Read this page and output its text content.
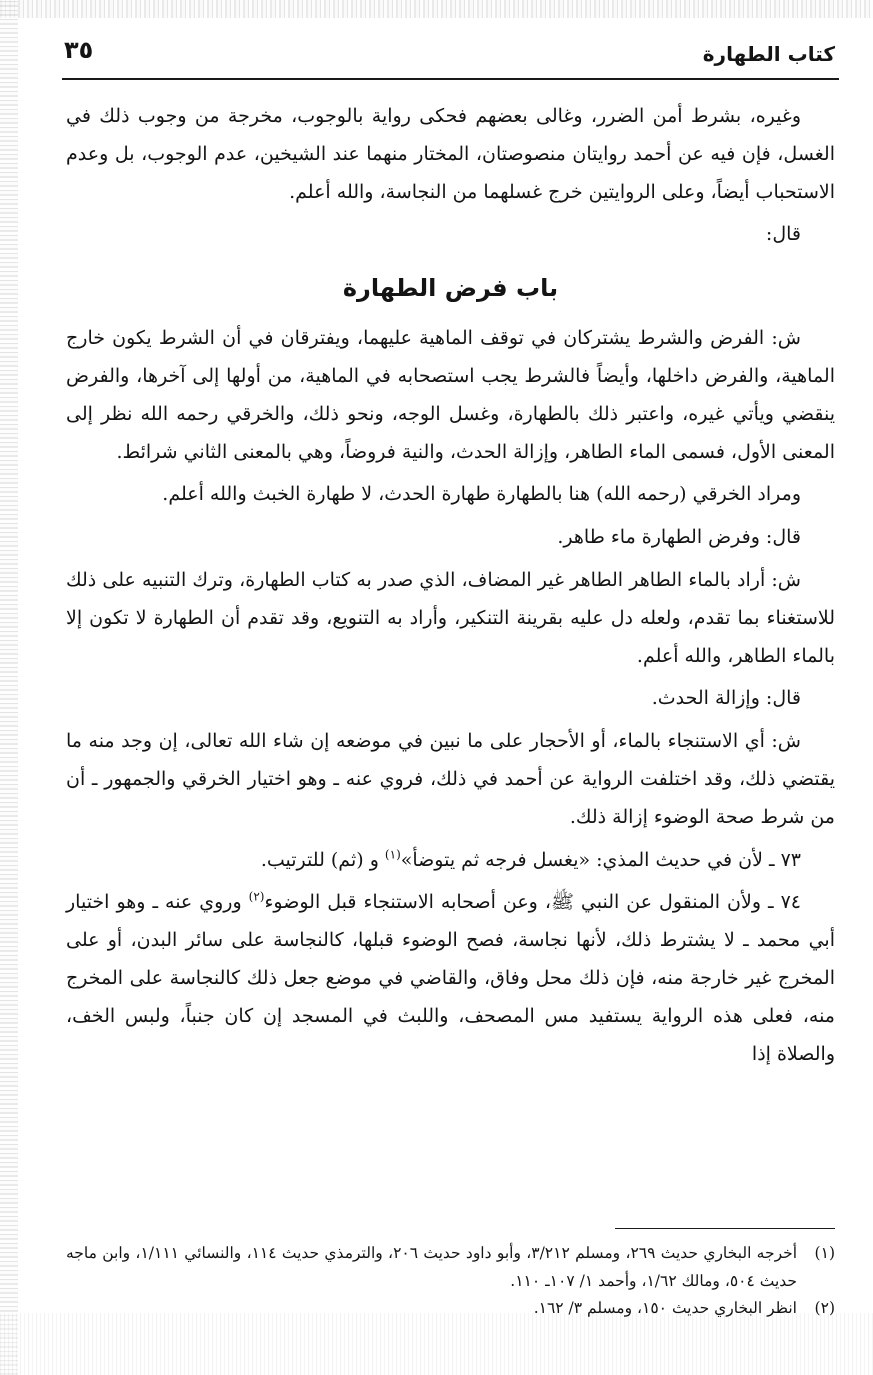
كتاب الطهارة
٣٥

وغيره، بشرط أمن الضرر، وغالى بعضهم فحكى رواية بالوجوب، مخرجة من وجوب ذلك في الغسل، فإن فيه عن أحمد روايتان منصوصتان، المختار منهما عند الشيخين، عدم الوجوب، بل وعدم الاستحباب أيضاً، وعلى الروايتين خرج غسلهما من النجاسة، والله أعلم.

قال:

باب فرض الطهارة

ش: الفرض والشرط يشتركان في توقف الماهية عليهما، ويفترقان في أن الشرط يكون خارج الماهية، والفرض داخلها، وأيضاً فالشرط يجب استصحابه في الماهية، من أولها إلى آخرها، والفرض ينقضي ويأتي غيره، واعتبر ذلك بالطهارة، وغسل الوجه، ونحو ذلك، والخرقي رحمه الله نظر إلى المعنى الأول، فسمى الماء الطاهر، وإزالة الحدث، والنية فروضاً، وهي بالمعنى الثاني شرائط.

ومراد الخرقي (رحمه الله) هنا بالطهارة طهارة الحدث، لا طهارة الخبث والله أعلم.

قال: وفرض الطهارة ماء طاهر.

ش: أراد بالماء الطاهر الطاهر غير المضاف، الذي صدر به كتاب الطهارة، وترك التنبيه على ذلك للاستغناء بما تقدم، ولعله دل عليه بقرينة التنكير، وأراد به التنويع، وقد تقدم أن الطهارة لا تكون إلا بالماء الطاهر، والله أعلم.

قال: وإزالة الحدث.

ش: أي الاستنجاء بالماء، أو الأحجار على ما نبين في موضعه إن شاء الله تعالى، إن وجد منه ما يقتضي ذلك، وقد اختلفت الرواية عن أحمد في ذلك، فروي عنه ـ وهو اختيار الخرقي والجمهور ـ أن من شرط صحة الوضوء إزالة ذلك.

٧٣ ـ لأن في حديث المذي: «يغسل فرجه ثم يتوضأ»$^{(١)}$ و (ثم) للترتيب.

٧٤ ـ ولأن المنقول عن النبي ﷺ، وعن أصحابه الاستنجاء قبل الوضوء$^{(٢)}$ وروي عنه ـ وهو اختيار أبي محمد ـ لا يشترط ذلك، لأنها نجاسة، فصح الوضوء قبلها، كالنجاسة على سائر البدن، أو على المخرج غير خارجة منه، فإن ذلك محل وفاق، والقاضي في موضع جعل ذلك كالنجاسة على المخرج منه، فعلى هذه الرواية يستفيد مس المصحف، واللبث في المسجد إن كان جنباً، ولبس الخف، والصلاة إذا

(١)
أخرجه البخاري حديث ٢٦٩، ومسلم ٣/٢١٢، وأبو داود حديث ٢٠٦، والترمذي حديث ١١٤، والنسائي ١/١١١، وابن ماجه حديث ٥٠٤، ومالك ١/٦٢، وأحمد ١/ ١٠٧ـ ١١٠.

(٢)
انظر البخاري حديث ١٥٠، ومسلم ٣/ ١٦٢.
